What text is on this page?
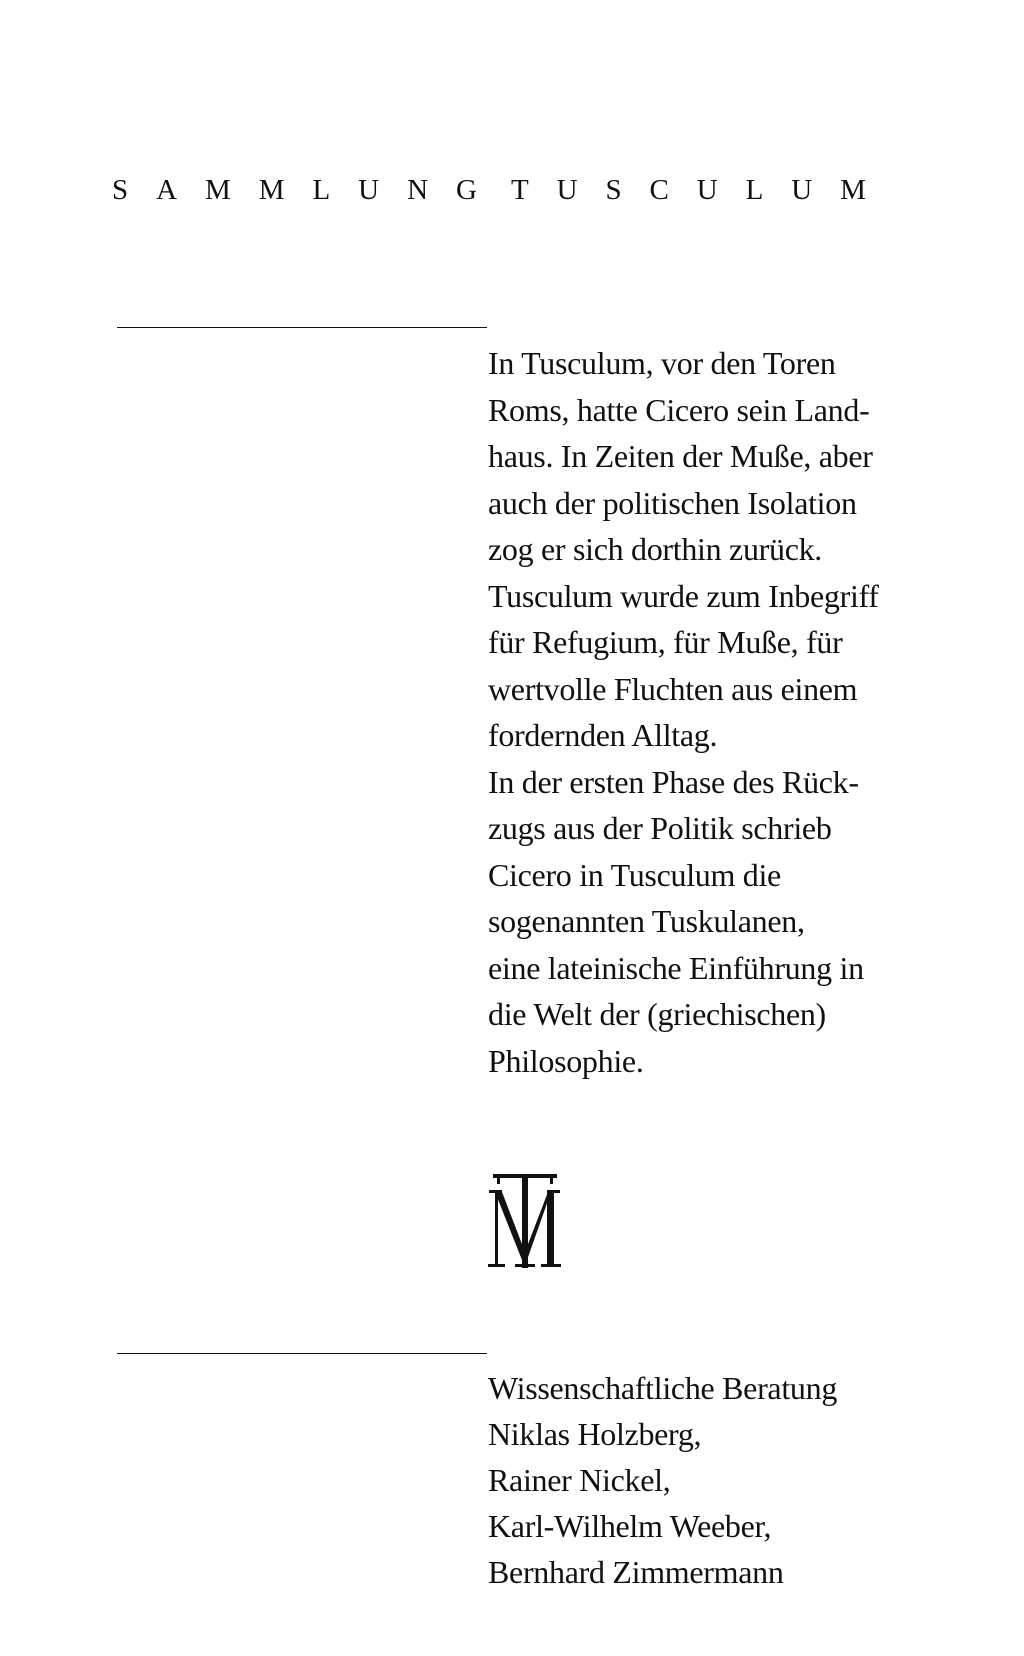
S A M M L U N G T U S C U L U M
In Tusculum, vor den Toren
Roms, hatte Cicero sein Land-
haus. In Zeiten der Muße, aber
auch der politischen Isolation
zog er sich dorthin zurück.
Tusculum wurde zum Inbegriff
für Refugium, für Muße, für
wertvolle Fluchten aus einem
fordernden Alltag.
In der ersten Phase des Rück-
zugs aus der Politik schrieb
Cicero in Tusculum die
sogenannten Tuskulanen,
eine lateinische Einführung in
die Welt der (griechischen)
Philosophie.
Wissenschaftliche Beratung
Niklas Holzberg,
Rainer Nickel,
Karl-Wilhelm Weeber,
Bernhard Zimmermann
